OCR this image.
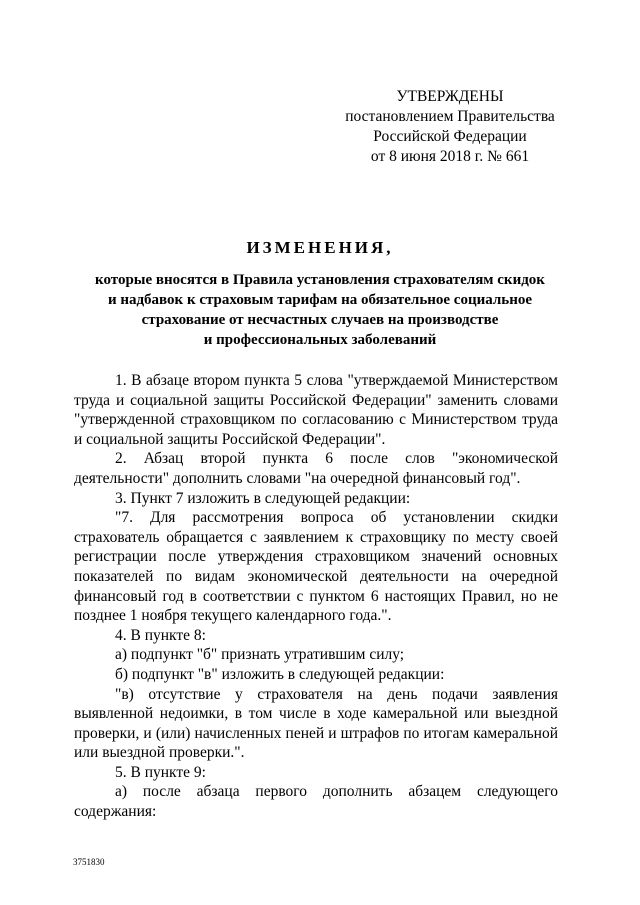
УТВЕРЖДЕНЫ
постановлением Правительства
Российской Федерации
от 8 июня 2018 г. № 661
ИЗМЕНЕНИЯ,
которые вносятся в Правила установления страхователям скидок
и надбавок к страховым тарифам на обязательное социальное
страхование от несчастных случаев на производстве
и профессиональных заболеваний

1. В абзаце втором пункта 5 слова "утверждаемой Министерством труда и социальной защиты Российской Федерации" заменить словами "утвержденной страховщиком по согласованию с Министерством труда и социальной защиты Российской Федерации".

2. Абзац второй пункта 6 после слов "экономической деятельности" дополнить словами "на очередной финансовый год".

3. Пункт 7 изложить в следующей редакции:

"7. Для рассмотрения вопроса об установлении скидки страхователь обращается с заявлением к страховщику по месту своей регистрации после утверждения страховщиком значений основных показателей по видам экономической деятельности на очередной финансовый год в соответствии с пунктом 6 настоящих Правил, но не позднее 1 ноября текущего календарного года.".

4. В пункте 8:

а) подпункт "б" признать утратившим силу;

б) подпункт "в" изложить в следующей редакции:

"в) отсутствие у страхователя на день подачи заявления выявленной недоимки, в том числе в ходе камеральной или выездной проверки, и (или) начисленных пеней и штрафов по итогам камеральной или выездной проверки.".

5. В пункте 9:

а) после абзаца первого дополнить абзацем следующего содержания:

3751830
